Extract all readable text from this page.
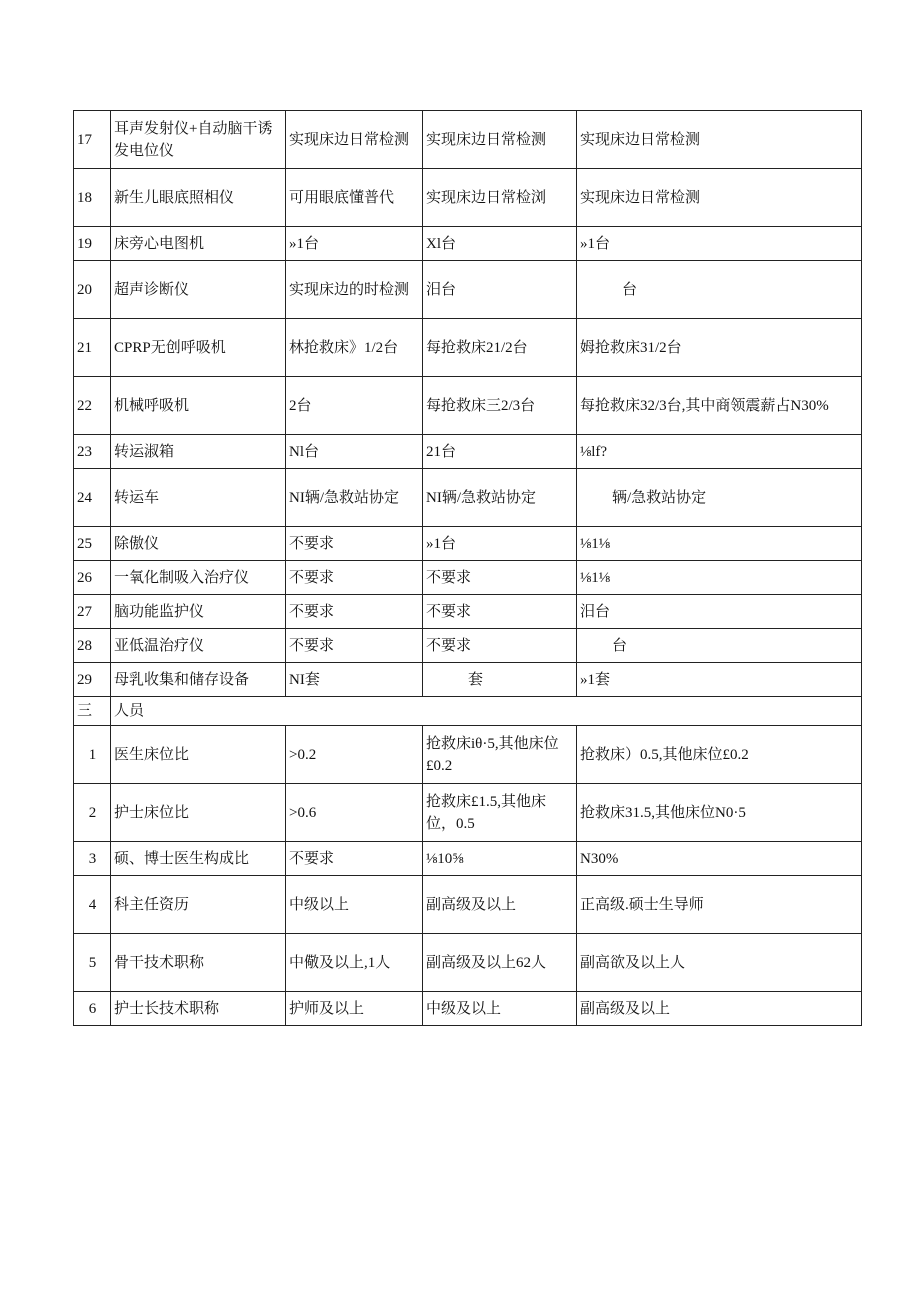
17	耳声发射仪+自动脑干诱发电位仪	实现床边日常检测	实现床边日常检测	实现床边日常检测
18	新生儿眼底照相仪	可用眼底懂普代	实现床边日常检浏	实现床边日常检测
19	床旁心电图机	»1台	Xl台	»1台
20	超声诊断仪	实现床边的时检测	汨台	台
21	CPRP无创呼吸机	林抢救床》1/2台	每抢救床21/2台	姆抢救床31/2台
22	机械呼吸机	2台	每抢救床三2/3台	每抢救床32/3台,其中商领震薪占N30%
23	转运淑箱	Nl台	21台	⅛lf?
24	转运车	NI辆/急救站协定	NI辆/急救站协定	辆/急救站协定
25	除傲仪	不要求	»1台	⅛1⅛
26	一氧化制吸入治疗仪	不要求	不要求	⅛1⅛
27	脑功能监护仪	不要求	不要求	汨台
28	亚低温治疗仪	不要求	不要求	台
29	母乳收集和储存设备	NI套	套	»1套
三	人员			
1	医生床位比	>0.2	抢救床iθ·5,其他床位£0.2	抢救床）0.5,其他床位£0.2
2	护士床位比	>0.6	抢救床£1.5,其他床位，0.5	抢救床31.5,其他床位N0·5
3	硕、博士医生构成比	不要求	⅛10⅝	N30%
4	科主任资历	中级以上	副高级及以上	正高级.硕士生导师
5	骨干技术职称	中儆及以上,1人	副高级及以上62人	副高欲及以上人
6	护士长技术职称	护师及以上	中级及以上	副高级及以上
